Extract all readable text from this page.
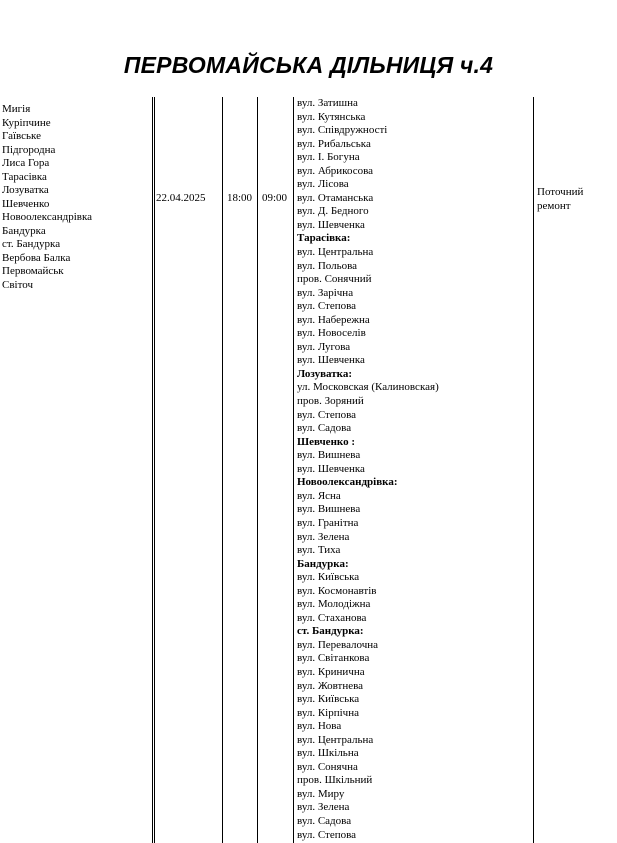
ПЕРВОМАЙСЬКА ДІЛЬНИЦЯ ч.4
Мигія
Куріпчине
Гаївське
Підгородна
Лиса Гора
Тарасівка
Лозуватка
Шевченко
Новоолександрівка
Бандурка
ст. Бандурка
Вербова Балка
Первомайськ
Світоч
22.04.2025 18:00 09:00	Поточний
ремонт
вул. Затишна
вул. Кутянська
вул. Співдружності
вул. Рибальська
вул. І. Богуна
вул. Абрикосова
вул. Лісова
вул. Отаманська
вул. Д. Бедного
вул. Шевченка
Тарасівка:
вул. Центральна
вул. Польова
пров. Сонячний
вул. Зарічна
вул. Степова
вул. Набережна
вул. Новоселів
вул. Лугова
вул. Шевченка
Лозуватка:
ул. Московская (Калиновская)
пров. Зоряний
вул. Степова
вул. Садова
Шевченко :
вул. Вишнева
вул. Шевченка
Новоолександрівка:
вул. Ясна
вул. Вишнева
вул. Гранітна
вул. Зелена
вул. Тиха
Бандурка:
вул. Київська
вул. Космонавтів
вул. Молодіжна
вул. Стаханова
ст. Бандурка:
вул. Перевалочна
вул. Світанкова
вул. Кринична
вул. Жовтнева
вул. Київська
вул. Кірпічна
вул. Нова
вул. Центральна
вул. Шкільна
вул. Сонячна
пров. Шкільний
вул. Миру
вул. Зелена
вул. Садова
вул. Степова
